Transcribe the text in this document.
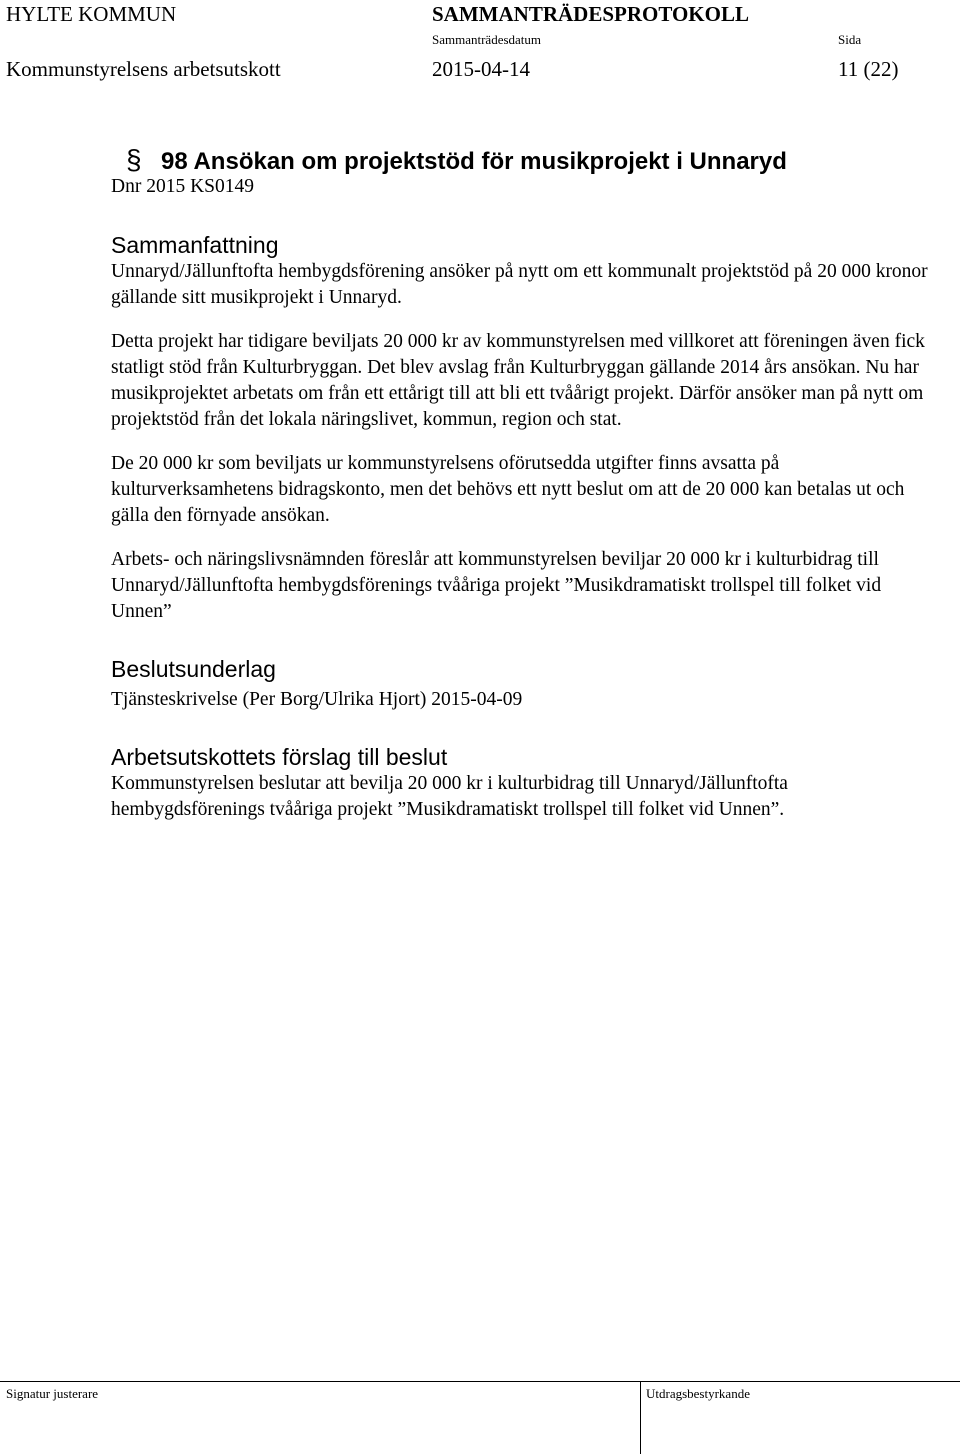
HYLTE KOMMUN	SAMMANTRÄDESPROTOKOLL
Sammanträdesdatum	Sida
Kommunstyrelsens arbetsutskott	2015-04-14	11 (22)
§ 98 Ansökan om projektstöd för musikprojekt i Unnaryd
Dnr 2015 KS0149
Sammanfattning

Unnaryd/Jällunftofta hembygdsförening ansöker på nytt om ett kommunalt projektstöd på 20 000 kronor gällande sitt musikprojekt i Unnaryd.

Detta projekt har tidigare beviljats 20 000 kr av kommunstyrelsen med villkoret att föreningen även fick statligt stöd från Kulturbryggan. Det blev avslag från Kulturbryggan gällande 2014 års ansökan. Nu har musikprojektet arbetats om från ett ettårigt till att bli ett tvåårigt projekt. Därför ansöker man på nytt om projektstöd från det lokala näringslivet, kommun, region och stat.

De 20 000 kr som beviljats ur kommunstyrelsens oförutsedda utgifter finns avsatta på kulturverksamhetens bidragskonto, men det behövs ett nytt beslut om att de 20 000 kan betalas ut och gälla den förnyade ansökan.

Arbets- och näringslivsnämnden föreslår att kommunstyrelsen beviljar 20 000 kr i kulturbidrag till Unnaryd/Jällunftofta hembygdsförenings tvååriga projekt ”Musikdramatiskt trollspel till folket vid Unnen”

Beslutsunderlag

Tjänsteskrivelse (Per Borg/Ulrika Hjort) 2015-04-09

Arbetsutskottets förslag till beslut

Kommunstyrelsen beslutar att bevilja 20 000 kr i kulturbidrag till Unnaryd/Jällunftofta hembygdsförenings tvååriga projekt ”Musikdramatiskt trollspel till folket vid Unnen”.

Signatur justerare	Utdragsbestyrkande
